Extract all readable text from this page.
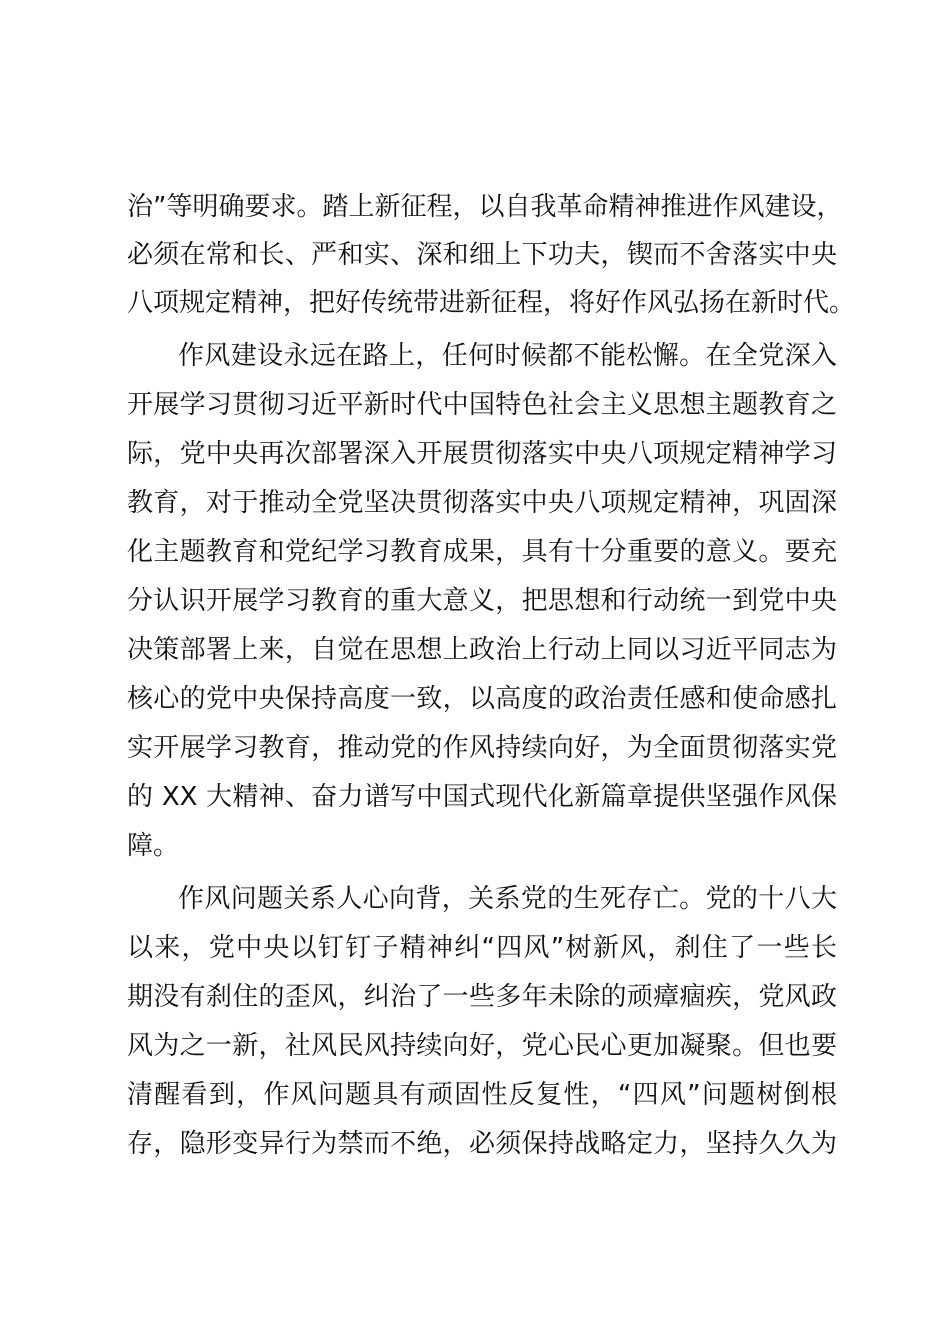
治”等明确要求。踏上新征程，以自我革命精神推进作风建设，

必须在常和长、严和实、深和细上下功夫，锲而不舍落实中央

八项规定精神，把好传统带进新征程，将好作风弘扬在新时代。

作风建设永远在路上，任何时候都不能松懈。在全党深入

开展学习贯彻习近平新时代中国特色社会主义思想主题教育之

际，党中央再次部署深入开展贯彻落实中央八项规定精神学习

教育，对于推动全党坚决贯彻落实中央八项规定精神，巩固深

化主题教育和党纪学习教育成果，具有十分重要的意义。要充

分认识开展学习教育的重大意义，把思想和行动统一到党中央

决策部署上来，自觉在思想上政治上行动上同以习近平同志为

核心的党中央保持高度一致，以高度的政治责任感和使命感扎

实开展学习教育，推动党的作风持续向好，为全面贯彻落实党

的 XX 大精神、奋力谱写中国式现代化新篇章提供坚强作风保

障。

作风问题关系人心向背，关系党的生死存亡。党的十八大

以来，党中央以钉钉子精神纠“四风”树新风，刹住了一些长

期没有刹住的歪风，纠治了一些多年未除的顽瘴痼疾，党风政

风为之一新，社风民风持续向好，党心民心更加凝聚。但也要

清醒看到，作风问题具有顽固性反复性，“四风”问题树倒根

存，隐形变异行为禁而不绝，必须保持战略定力，坚持久久为
